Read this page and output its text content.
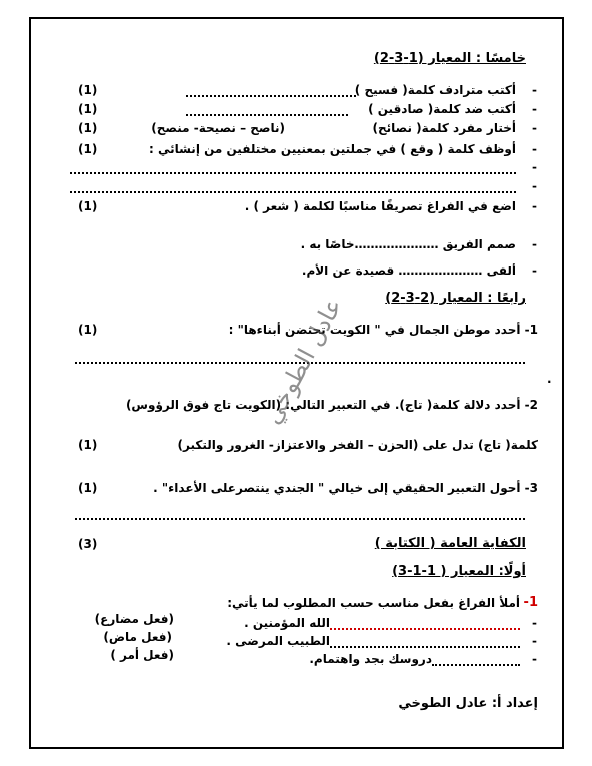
خامسًا : المعيار (1-3-2)
-
أكتب مترادف كلمة( فسيح )
(1)
-
أكتب ضد كلمة( صادقين )
(1)
-
أختار مفرد كلمة( نصائح)
(ناصح – نصيحة- منصح)
(1)
-
أوظف كلمة ( وقع ) في جملتين بمعنيين مختلفين من إنشائي :
(1)
-
-
-
اضع في الفراغ تصريفًا مناسبًا لكلمة ( شعر ) .
(1)
-
صمم الفريق …………………خاصًا به .
-
ألقى ………………… قصيدة عن الأم.
رابعًا : المعيار (2-3-2)
1- أحدد موطن الجمال في " الكويت تحتضن أبناءها" :
(1)
.
2- أحدد دلالة كلمة( تاج). في التعبير التالي: (الكويت تاج فوق الرؤوس)
كلمة( تاج) تدل على (الحزن – الفخر والاعتزاز- الغرور والتكبر)
(1)
3- أحول التعبير الحقيقي إلى خيالي " الجندي ينتصرعلى الأعداء" .
(1)
الكفاية العامة ( الكتابة )
(3)
أولًا: المعيار ( 1-1-3)
1-
أملأ الفراغ بفعل مناسب حسب المطلوب لما يأتي:
-
الله المؤمنين .
(فعل مضارع)
-
الطبيب المرضى .
(فعل ماض)
-
دروسك بجد واهتمام.
(فعل أمر )
إعداد أ: عادل الطوخي
عادل الطوخي
